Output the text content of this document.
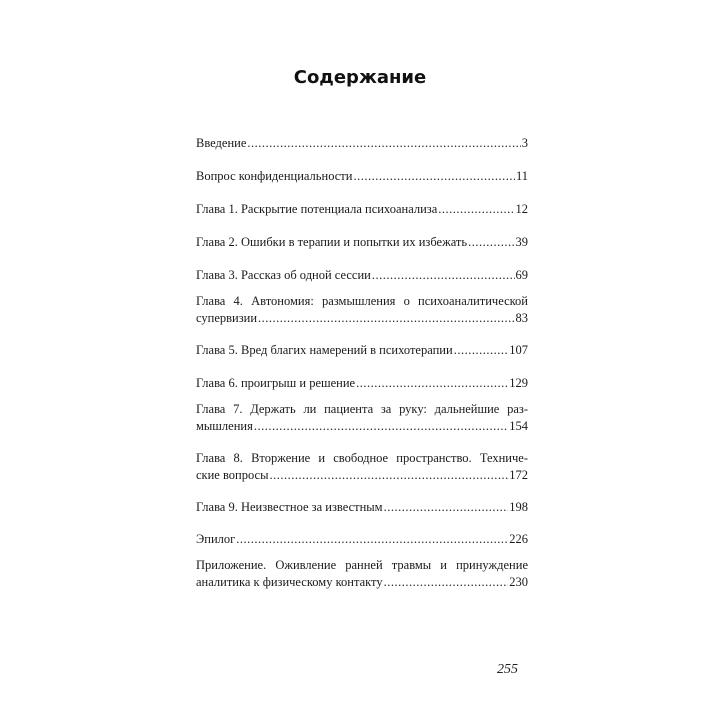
Содержание
Введение .....	3
Вопрос конфиденциальности .....	11
Глава 1. Раскрытие потенциала психоанализа .....	12
Глава 2. Ошибки в терапии и попытки их избежать .....	39
Глава 3. Рассказ об одной сессии .....	69
Глава 4. Автономия: размышления о психоаналитической
супервизии .....	83
Глава 5. Вред благих намерений в психотерапии .....	107
Глава 6. проигрыш и решение .....	129
Глава 7. Держать ли пациента за руку: дальнейшие раз-
мышления .....	154
Глава 8. Вторжение и свободное пространство. Техниче-
ские вопросы .....	172
Глава 9. Неизвестное за известным .....	198
Эпилог .....	226
Приложение. Оживление ранней травмы и принуждение
аналитика к физическому контакту .....	230
255
